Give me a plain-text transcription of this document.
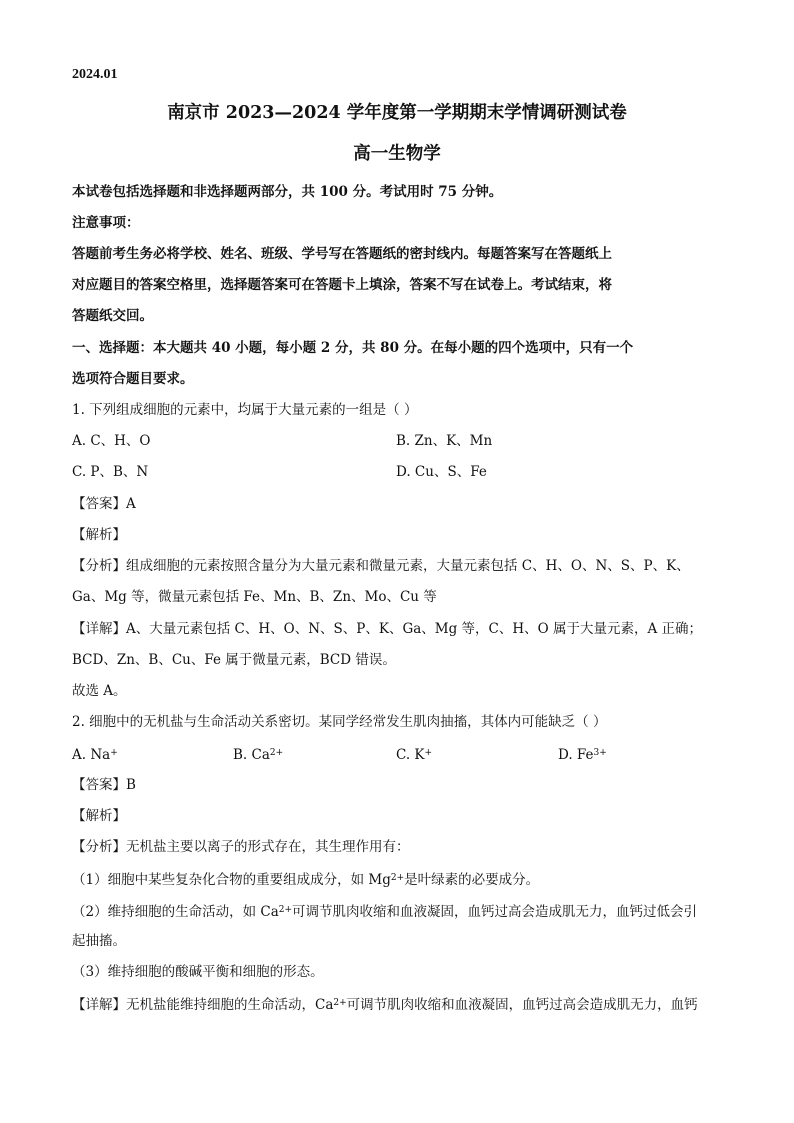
2024.01
南京市 2023—2024 学年度第一学期期末学情调研测试卷
高一生物学
本试卷包括选择题和非选择题两部分，共 100 分。考试用时 75 分钟。
注意事项：
答题前考生务必将学校、姓名、班级、学号写在答题纸的密封线内。每题答案写在答题纸上
对应题目的答案空格里，选择题答案可在答题卡上填涂，答案不写在试卷上。考试结束，将
答题纸交回。
一、选择题：本大题共 40 小题，每小题 2 分，共 80 分。在每小题的四个选项中，只有一个
选项符合题目要求。
1. 下列组成细胞的元素中，均属于大量元素的一组是（ ）
A. C、H、O	B. Zn、K、Mn
C. P、B、N	D. Cu、S、Fe
【答案】A
【解析】
【分析】组成细胞的元素按照含量分为大量元素和微量元素，大量元素包括 C、H、O、N、S、P、K、
Ga、Mg 等，微量元素包括 Fe、Mn、B、Zn、Mo、Cu 等
【详解】A、大量元素包括 C、H、O、N、S、P、K、Ga、Mg 等，C、H、O 属于大量元素，A 正确；
BCD、Zn、B、Cu、Fe 属于微量元素，BCD 错误。
故选 A。
2. 细胞中的无机盐与生命活动关系密切。某同学经常发生肌肉抽搐，其体内可能缺乏（ ）
A. Na+	B. $Ca^{2+}$	C. K+	D. $Fe^{3+}$
【答案】B
【解析】
【分析】无机盐主要以离子的形式存在，其生理作用有：
（1）细胞中某些复杂化合物的重要组成成分，如 $Mg^{2+}$是叶绿素的必要成分。
（2）维持细胞的生命活动，如 $Ca^{2+}$可调节肌肉收缩和血液凝固，血钙过高会造成肌无力，血钙过低会引
起抽搐。
（3）维持细胞的酸碱平衡和细胞的形态。
【详解】无机盐能维持细胞的生命活动，$Ca^{2+}$可调节肌肉收缩和血液凝固，血钙过高会造成肌无力，血钙
